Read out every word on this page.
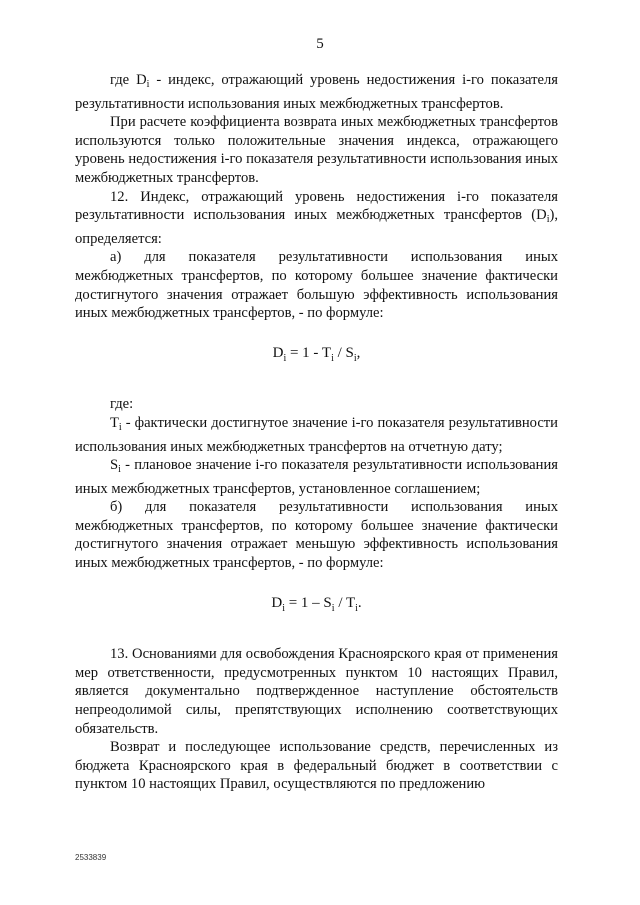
5

где $D_i$ - индекс, отражающий уровень недостижения i-го показателя результативности использования иных межбюджетных трансфертов.

При расчете коэффициента возврата иных межбюджетных трансфертов используются только положительные значения индекса, отражающего уровень недостижения i-го показателя результативности использования иных межбюджетных трансфертов.

12. Индекс, отражающий уровень недостижения i-го показателя результативности использования иных межбюджетных трансфертов $(D_i)$, определяется:

а) для показателя результативности использования иных межбюджетных трансфертов, по которому большее значение фактически достигнутого значения отражает большую эффективность использования иных межбюджетных трансфертов, - по формуле:

$D_i = 1 - T_i / S_i$,

где:

$T_i$ - фактически достигнутое значение i-го показателя результативности использования иных межбюджетных трансфертов на отчетную дату;

$S_i$ - плановое значение i-го показателя результативности использования иных межбюджетных трансфертов, установленное соглашением;

б) для показателя результативности использования иных межбюджетных трансфертов, по которому большее значение фактически достигнутого значения отражает меньшую эффективность использования иных межбюджетных трансфертов, - по формуле:

$D_i = 1 - S_i / T_i$.

13. Основаниями для освобождения Красноярского края от применения мер ответственности, предусмотренных пунктом 10 настоящих Правил, является документально подтвержденное наступление обстоятельств непреодолимой силы, препятствующих исполнению соответствующих обязательств.

Возврат и последующее использование средств, перечисленных из бюджета Красноярского края в федеральный бюджет в соответствии с пунктом 10 настоящих Правил, осуществляются по предложению

2533839
